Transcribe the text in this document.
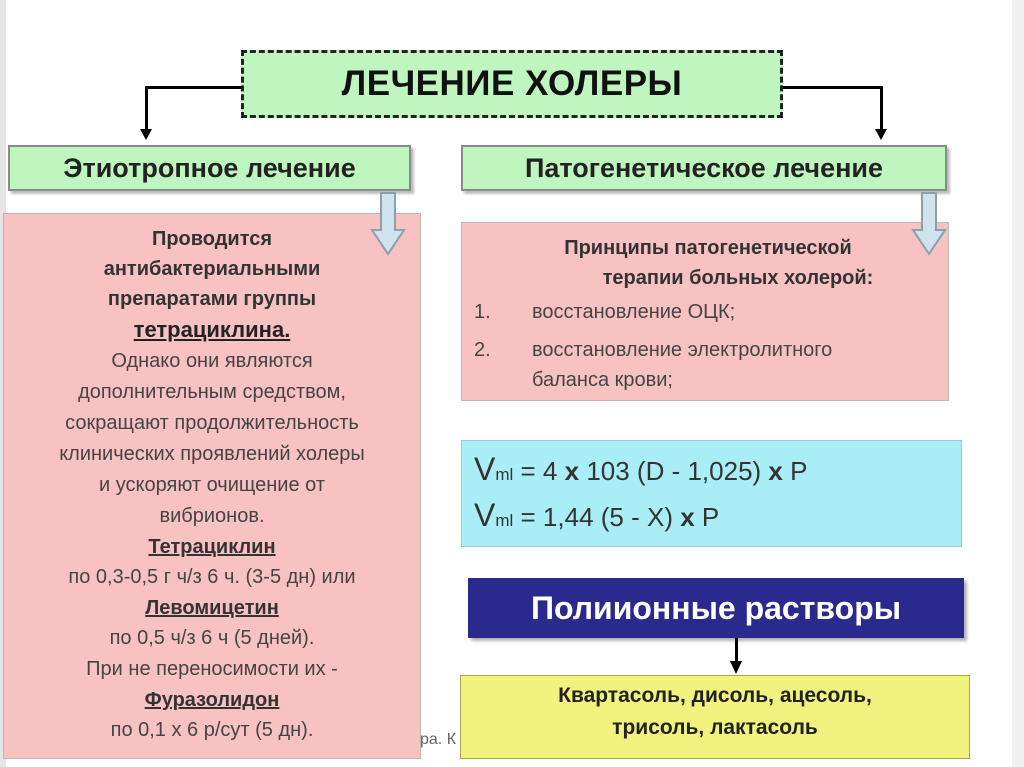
ЛЕЧЕНИЕ ХОЛЕРЫ
Этиотропное лечение	Патогенетическое лечение
Проводится
антибактериальными
препаратами группы
тетрациклина.
Однако они являются
дополнительным средством,
сокращают продолжительность
клинических проявлений холеры
и ускоряют очищение от
вибрионов.
Тетрациклин
по 0,3-0,5 г ч/з 6 ч. (3-5 дн) или
Левомицетин
по 0,5 ч/з 6 ч (5 дней).
При не переносимости их -
Фуразолидон
по 0,1 х 6 р/сут (5 дн).
Принципы патогенетической
терапии больных холерой:
1. восстановление ОЦК;
2. восстановление электролитного
баланса крови;
Vml = 4 x 103 (D - 1,025) x P
Vml = 1,44 (5 - X) x P
Полиионные растворы
Квартасоль, дисоль, ацесоль,
трисоль, лактасоль
ра. К
